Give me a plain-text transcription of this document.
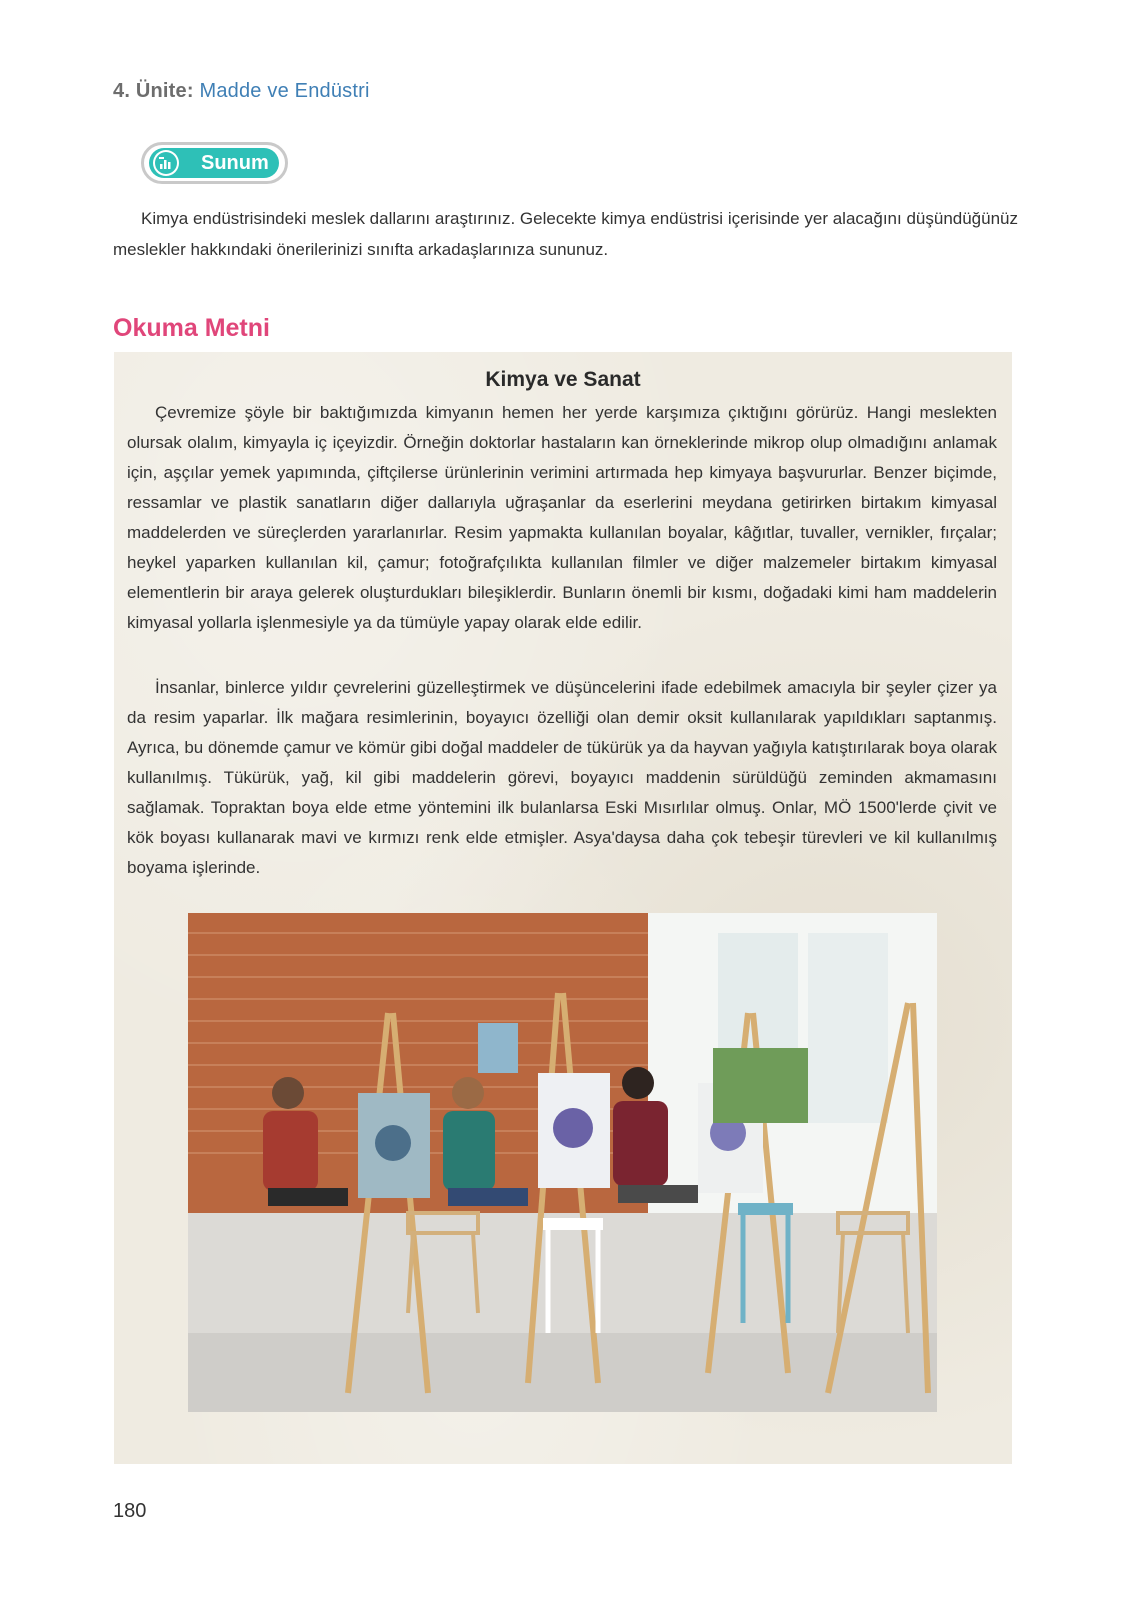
4. Ünite: Madde ve Endüstri
Sunum

Kimya endüstrisindeki meslek dallarını araştırınız. Gelecekte kimya endüstrisi içerisinde yer alacağını düşündüğünüz meslekler hakkındaki önerilerinizi sınıfta arkadaşlarınıza sununuz.

Okuma Metni
Kimya ve Sanat

Çevremize şöyle bir baktığımızda kimyanın hemen her yerde karşımıza çıktığını görürüz. Hangi meslekten olursak olalım, kimyayla iç içeyizdir. Örneğin doktorlar hastaların kan örneklerinde mikrop olup olmadığını anlamak için, aşçılar yemek yapımında, çiftçilerse ürünlerinin verimini artırmada hep kimyaya başvururlar. Benzer biçimde, ressamlar ve plastik sanatların diğer dallarıyla uğraşanlar da eserlerini meydana getirirken birtakım kimyasal maddelerden ve süreçlerden yararlanırlar. Resim yapmakta kullanılan boyalar, kâğıtlar, tuvaller, vernikler, fırçalar; heykel yaparken kullanılan kil, çamur; fotoğrafçılıkta kullanılan filmler ve diğer malzemeler birtakım kimyasal elementlerin bir araya gelerek oluşturdukları bileşiklerdir. Bunların önemli bir kısmı, doğadaki kimi ham maddelerin kimyasal yollarla işlenmesiyle ya da tümüyle yapay olarak elde edilir.

İnsanlar, binlerce yıldır çevrelerini güzelleştirmek ve düşüncelerini ifade edebilmek amacıyla bir şeyler çizer ya da resim yaparlar. İlk mağara resimlerinin, boyayıcı özelliği olan demir oksit kullanılarak yapıldıkları saptanmış. Ayrıca, bu dönemde çamur ve kömür gibi doğal maddeler de tükürük ya da hayvan yağıyla katıştırılarak boya olarak kullanılmış. Tükürük, yağ, kil gibi maddelerin görevi, boyayıcı maddenin sürüldüğü zeminden akmamasını sağlamak. Topraktan boya elde etme yöntemini ilk bulanlarsa Eski Mısırlılar olmuş. Onlar, MÖ 1500'lerde çivit ve kök boyası kullanarak mavi ve kırmızı renk elde etmişler. Asya'daysa daha çok tebeşir türevleri ve kil kullanılmış boyama işlerinde.

180
